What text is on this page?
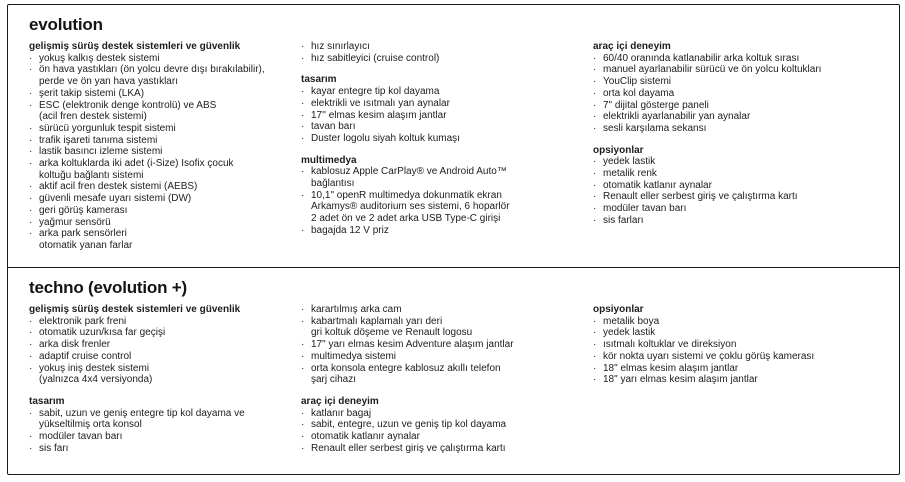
evolution
gelişmiş sürüş destek sistemleri ve güvenlik
· yokuş kalkış destek sistemi
· ön hava yastıkları (ön yolcu devre dışı bırakılabilir),
perde ve ön yan hava yastıkları
· şerit takip sistemi (LKA)
· ESC (elektronik denge kontrolü) ve ABS
(acil fren destek sistemi)
· sürücü yorgunluk tespit sistemi
· trafik işareti tanıma sistemi
· lastik basıncı izleme sistemi
· arka koltuklarda iki adet (i-Size) Isofix çocuk
koltuğu bağlantı sistemi
· aktif acil fren destek sistemi (AEBS)
· güvenli mesafe uyarı sistemi (DW)
· geri görüş kamerası
· yağmur sensörü
· arka park sensörleri
otomatik yanan farlar
· hız sınırlayıcı
· hız sabitleyici (cruise control)
tasarım
· kayar entegre tip kol dayama
· elektrikli ve ısıtmalı yan aynalar
· 17'' elmas kesim alaşım jantlar
· tavan barı
· Duster logolu siyah koltuk kumaşı
multimedya
· kablosuz Apple CarPlay® ve Android Auto™
bağlantısı
· 10,1" openR multimedya dokunmatik ekran
Arkamys® auditorium ses sistemi, 6 hoparlör
2 adet ön ve 2 adet arka USB Type-C girişi
· bagajda 12 V priz
araç içi deneyim
· 60/40 oranında katlanabilir arka koltuk sırası
· manuel ayarlanabilir sürücü ve ön yolcu koltukları
· YouClip sistemi
· orta kol dayama
· 7" dijital gösterge paneli
· elektrikli ayarlanabilir yan aynalar
· sesli karşılama sekansı
opsiyonlar
· yedek lastik
· metalik renk
· otomatik katlanır aynalar
· Renault eller serbest giriş ve çalıştırma kartı
· modüler tavan barı
· sis farları
techno (evolution +)
gelişmiş sürüş destek sistemleri ve güvenlik
· elektronik park freni
· otomatik uzun/kısa far geçişi
· arka disk frenler
· adaptif cruise control
· yokuş iniş destek sistemi
(yalnızca 4x4 versiyonda)
tasarım
· sabit, uzun ve geniş entegre tip kol dayama ve
yükseltilmiş orta konsol
· modüler tavan barı
· sis farı
· karartılmış arka cam
· kabartmalı kaplamalı yarı deri
gri koltuk döşeme ve Renault logosu
· 17" yarı elmas kesim Adventure alaşım jantlar
· multimedya sistemi
· orta konsola entegre kablosuz akıllı telefon
şarj cihazı
araç içi deneyim
· katlanır bagaj
· sabit, entegre, uzun ve geniş tip kol dayama
· otomatik katlanır aynalar
· Renault eller serbest giriş ve çalıştırma kartı
opsiyonlar
· metalik boya
· yedek lastik
· ısıtmalı koltuklar ve direksiyon
· kör nokta uyarı sistemi ve çoklu görüş kamerası
· 18" elmas kesim alaşım jantlar
· 18" yarı elmas kesim alaşım jantlar
